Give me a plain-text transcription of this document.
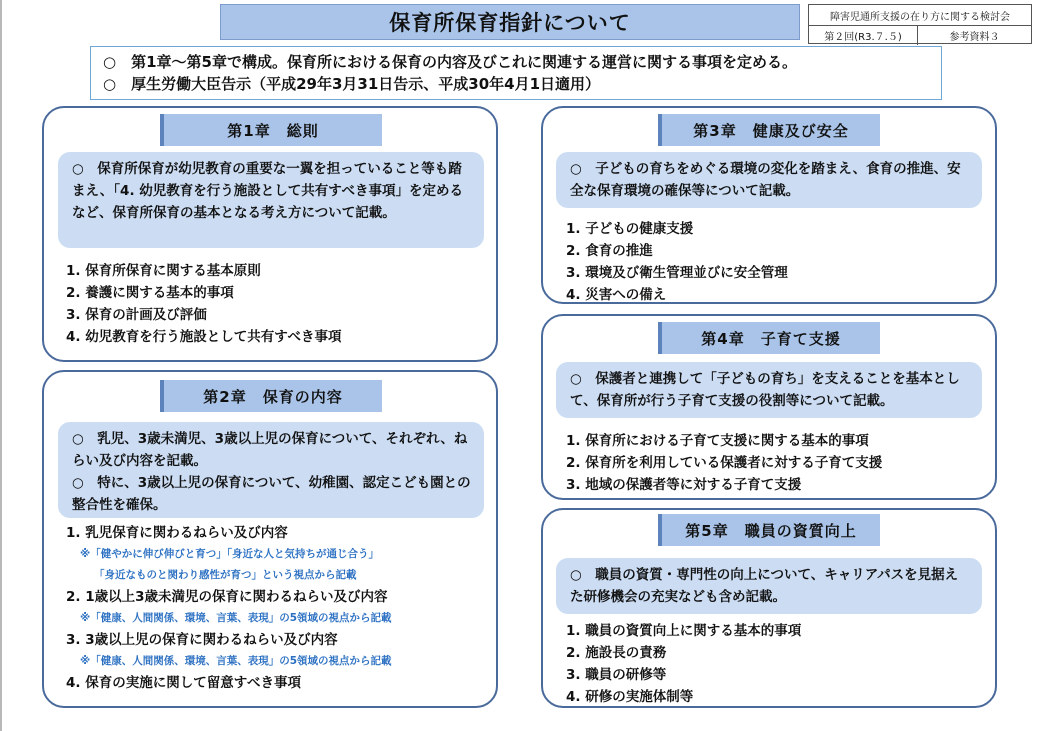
保育所保育指針について	障害児通所支援の在り方に関する検討会
第２回(R3.７.５)	参考資料３
○　第1章～第5章で構成。保育所における保育の内容及びこれに関連する運営に関する事項を定める。
○　厚生労働大臣告示（平成29年3月31日告示、平成30年4月1日適用）
第1章　総則

○　保育所保育が幼児教育の重要な一翼を担っていること等も踏まえ、「4. 幼児教育を行う施設として共有すべき事項」を定めるなど、保育所保育の基本となる考え方について記載。

1. 保育所保育に関する基本原則
2. 養護に関する基本的事項
3. 保育の計画及び評価
4. 幼児教育を行う施設として共有すべき事項
第2章　保育の内容

○　乳児、3歳未満児、3歳以上児の保育について、それぞれ、ねらい及び内容を記載。

○　特に、3歳以上児の保育について、幼稚園、認定こども園との整合性を確保。

1. 乳児保育に関わるねらい及び内容
※「健やかに伸び伸びと育つ」「身近な人と気持ちが通じ合う」
「身近なものと関わり感性が育つ」という視点から記載
2. 1歳以上3歳未満児の保育に関わるねらい及び内容
※「健康、人間関係、環境、言葉、表現」の5領域の視点から記載
3. 3歳以上児の保育に関わるねらい及び内容
※「健康、人間関係、環境、言葉、表現」の5領域の視点から記載
4. 保育の実施に関して留意すべき事項
第3章　健康及び安全

○　子どもの育ちをめぐる環境の変化を踏まえ、食育の推進、安全な保育環境の確保等について記載。

1. 子どもの健康支援
2. 食育の推進
3. 環境及び衛生管理並びに安全管理
4. 災害への備え
第4章　子育て支援

○　保護者と連携して「子どもの育ち」を支えることを基本として、保育所が行う子育て支援の役割等について記載。

1. 保育所における子育て支援に関する基本的事項
2. 保育所を利用している保護者に対する子育て支援
3. 地域の保護者等に対する子育て支援
第5章　職員の資質向上

○　職員の資質・専門性の向上について、キャリアパスを見据えた研修機会の充実なども含め記載。

1. 職員の資質向上に関する基本的事項
2. 施設長の責務
3. 職員の研修等
4. 研修の実施体制等
